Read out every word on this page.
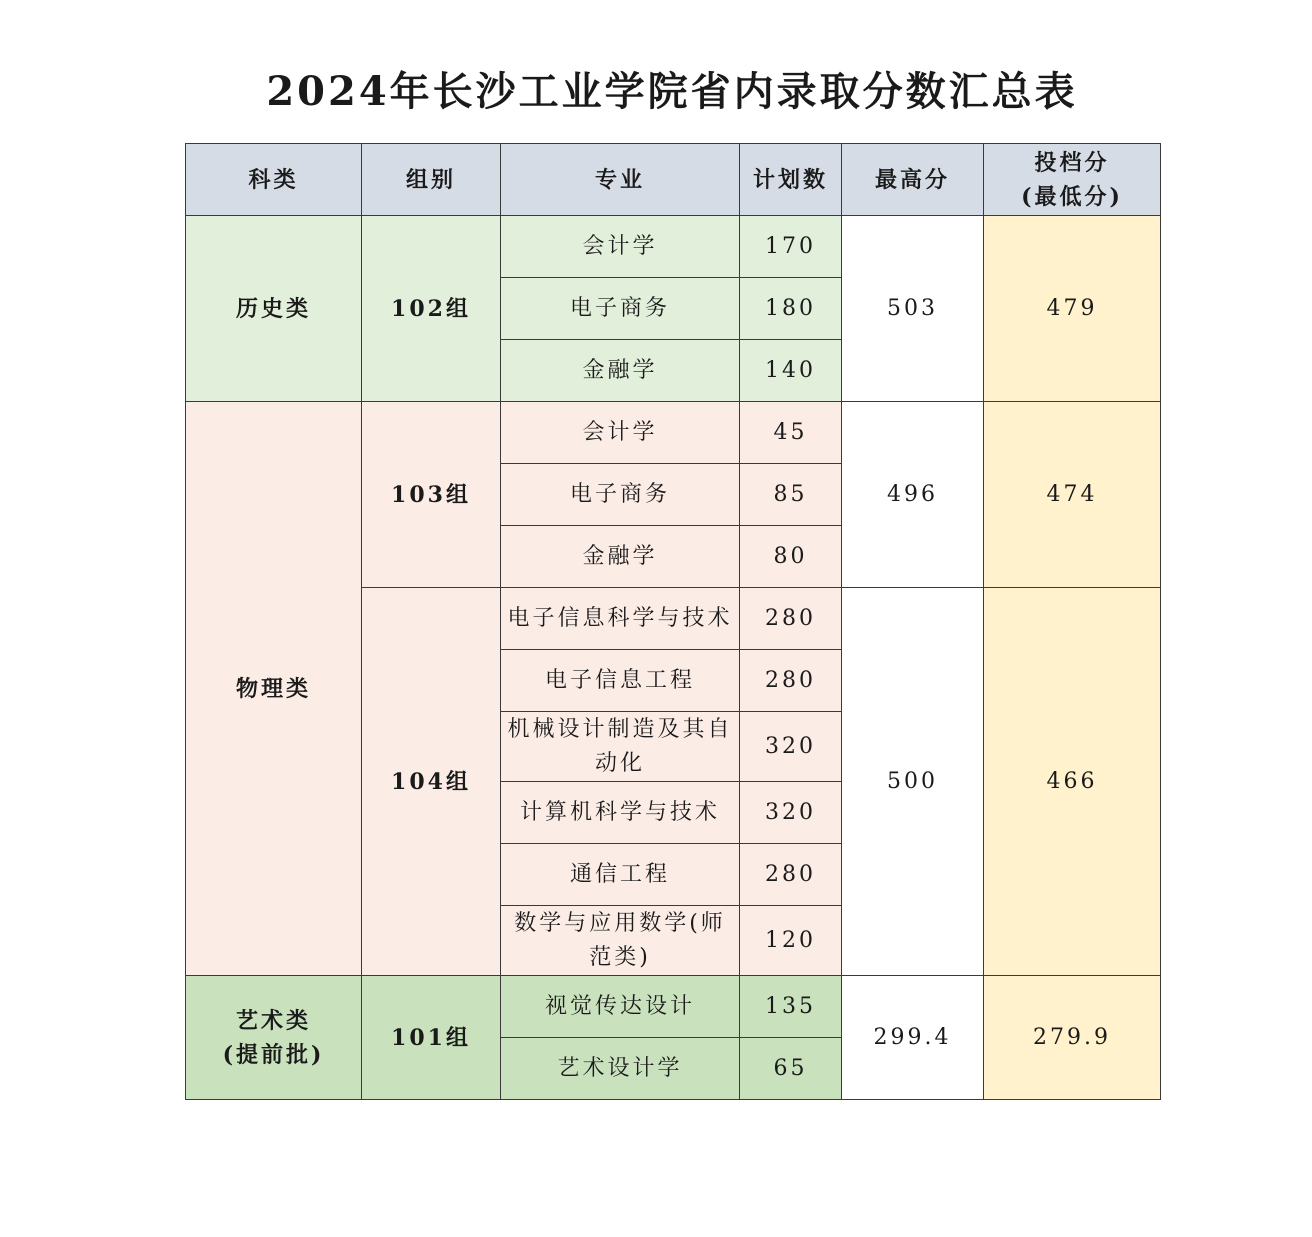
2024年长沙工业学院省内录取分数汇总表
科类	组别	专业	计划数	最高分	投档分
(最低分)

历史类	102组	会计学	170	503	479
		电子商务	180		
		金融学	140		
物理类	103组	会计学	45	496	474
		电子商务	85		
		金融学	80		
	104组	电子信息科学与技术	280	500	466
		电子信息工程	280		
		机械设计制造及其自动化	320		
		计算机科学与技术	320		
		通信工程	280		
		数学与应用数学(师范类)	120		

艺术类
(提前批)	101组	视觉传达设计	135	299.4	279.9
		艺术设计学	65		
